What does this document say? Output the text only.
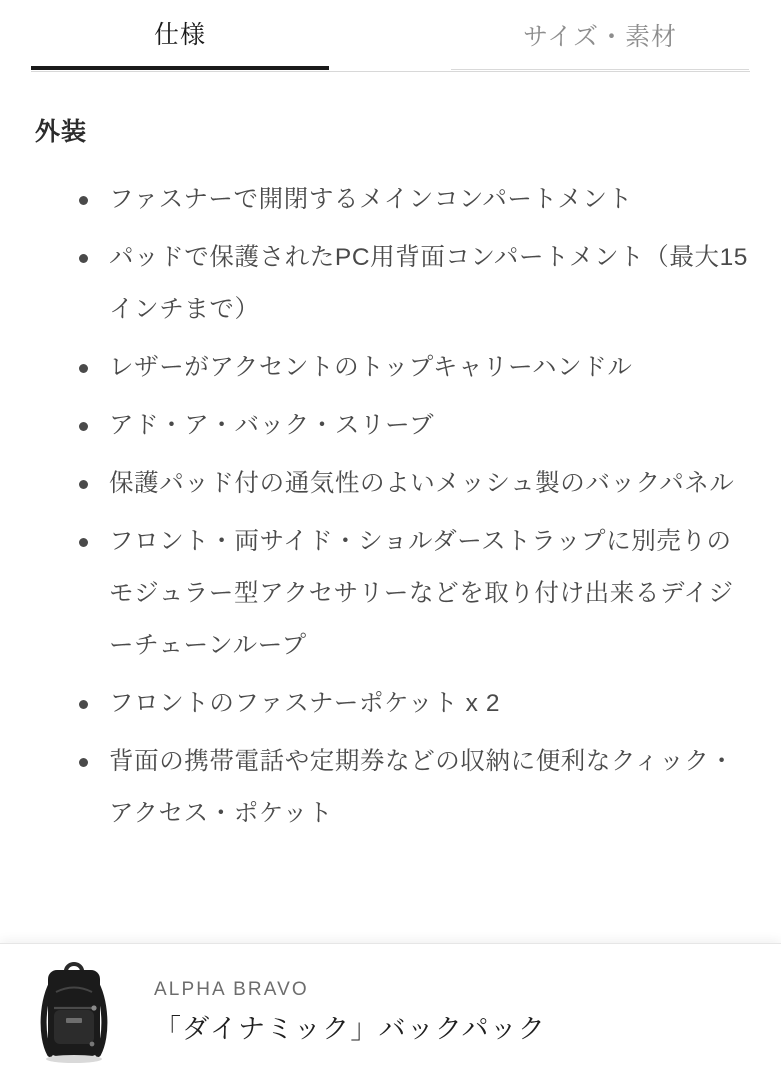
仕様	サイズ・素材
外装
ファスナーで開閉するメインコンパートメント
パッドで保護されたPC用背面コンパートメント（最大15インチまで）
レザーがアクセントのトップキャリーハンドル
アド・ア・バック・スリーブ
保護パッド付の通気性のよいメッシュ製のバックパネル
フロント・両サイド・ショルダーストラップに別売りのモジュラー型アクセサリーなどを取り付け出来るデイジーチェーンループ
フロントのファスナーポケット x 2
背面の携帯電話や定期券などの収納に便利なクィック・アクセス・ポケット
ALPHA BRAVO
「ダイナミック」バックパック
